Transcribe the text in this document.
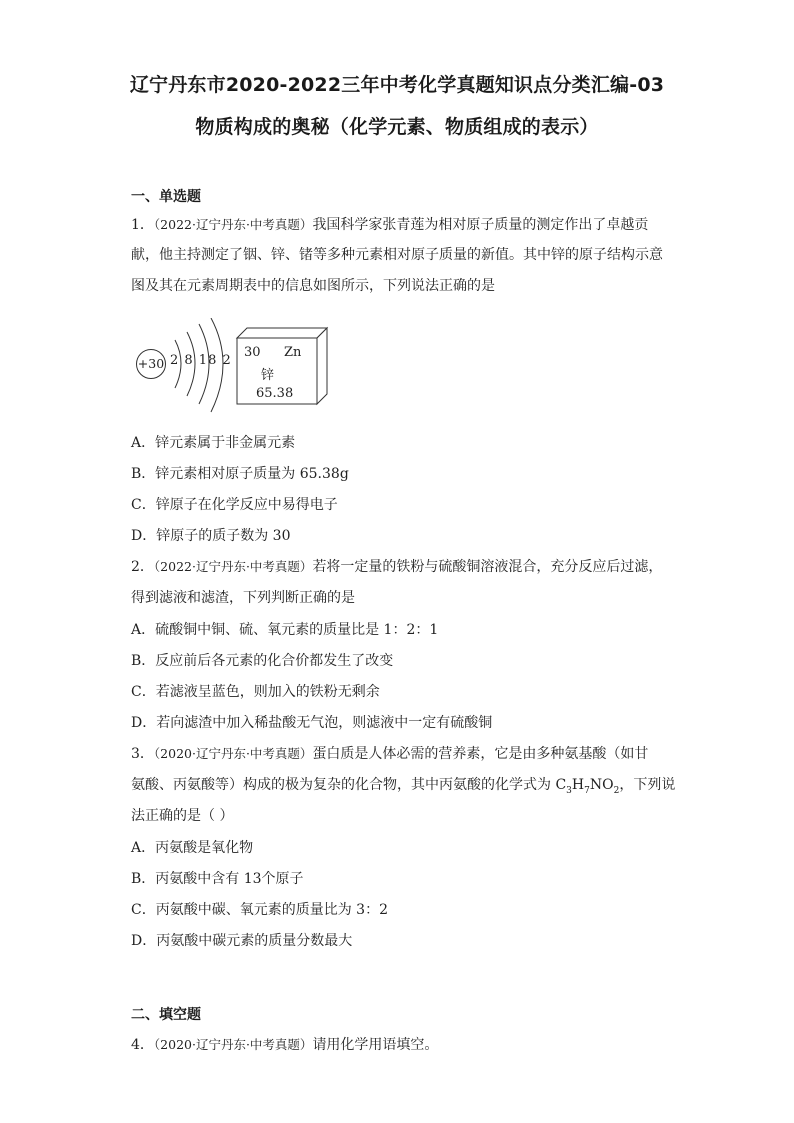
辽宁丹东市2020-2022三年中考化学真题知识点分类汇编-03
物质构成的奥秘（化学元素、物质组成的表示）
一、单选题
1．（2022·辽宁丹东·中考真题）我国科学家张青莲为相对原子质量的测定作出了卓越贡
献，他主持测定了铟、锌、锗等多种元素相对原子质量的新值。其中锌的原子结构示意
图及其在元素周期表中的信息如图所示，下列说法正确的是
+30 2 8 18 2
30 Zn
锌
65.38
A．锌元素属于非金属元素
B．锌元素相对原子质量为 65.38g
C．锌原子在化学反应中易得电子
D．锌原子的质子数为 30
2．（2022·辽宁丹东·中考真题）若将一定量的铁粉与硫酸铜溶液混合，充分反应后过滤，
得到滤液和滤渣，下列判断正确的是
A．硫酸铜中铜、硫、氧元素的质量比是 1：2：1
B．反应前后各元素的化合价都发生了改变
C．若滤液呈蓝色，则加入的铁粉无剩余
D．若向滤渣中加入稀盐酸无气泡，则滤液中一定有硫酸铜
3．（2020·辽宁丹东·中考真题）蛋白质是人体必需的营养素，它是由多种氨基酸（如甘
氨酸、丙氨酸等）构成的极为复杂的化合物，其中丙氨酸的化学式为 $C_3H_7NO_2$，下列说
法正确的是（ ）
A．丙氨酸是氧化物
B．丙氨酸中含有 13个原子
C．丙氨酸中碳、氧元素的质量比为 3：2
D．丙氨酸中碳元素的质量分数最大
二、填空题
4．（2020·辽宁丹东·中考真题）请用化学用语填空。
